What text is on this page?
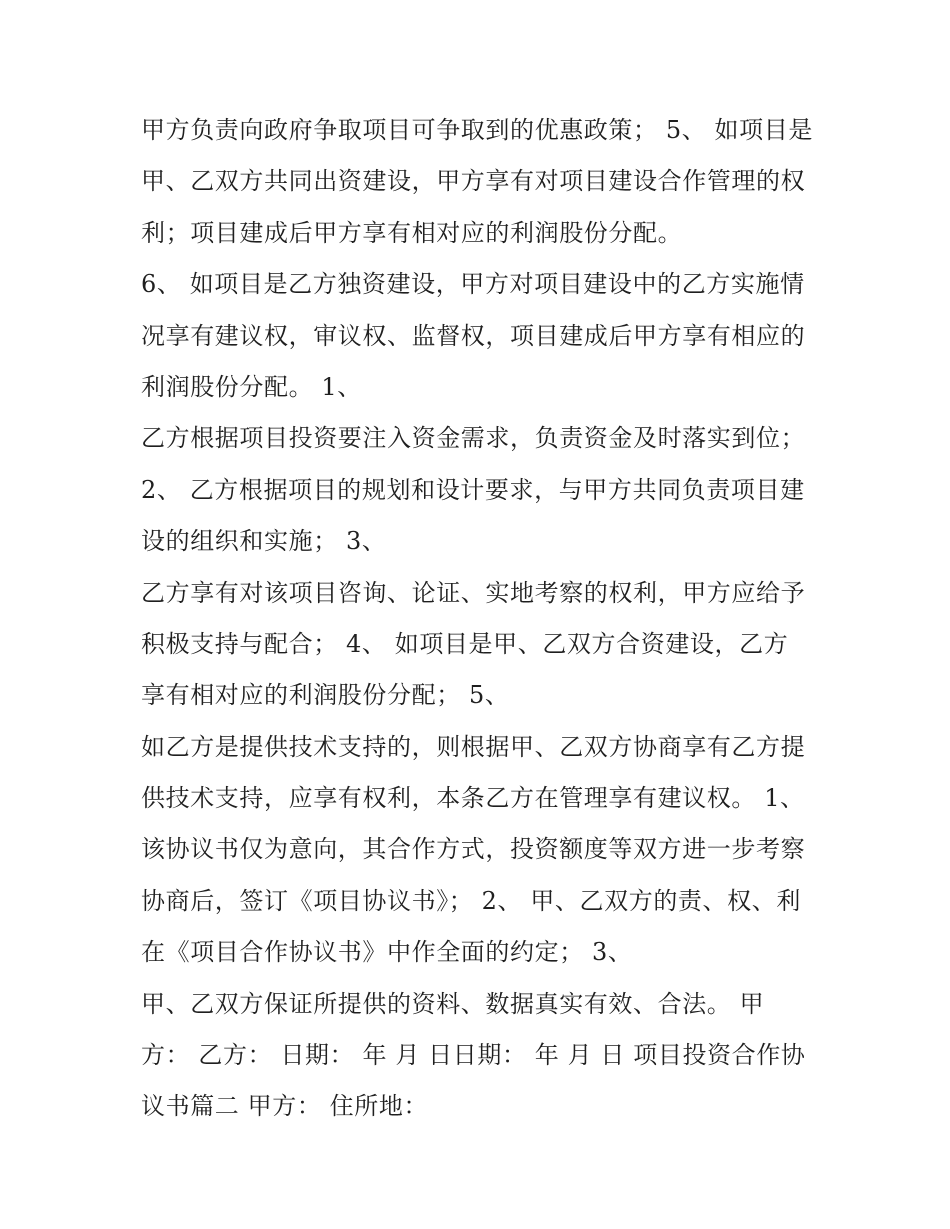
甲方负责向政府争取项目可争取到的优惠政策； 5、 如项目是
甲、乙双方共同出资建设，甲方享有对项目建设合作管理的权
利；项目建成后甲方享有相对应的利润股份分配。
6、 如项目是乙方独资建设，甲方对项目建设中的乙方实施情
况享有建议权，审议权、监督权，项目建成后甲方享有相应的
利润股份分配。 1、
乙方根据项目投资要注入资金需求，负责资金及时落实到位；
2、 乙方根据项目的规划和设计要求，与甲方共同负责项目建
设的组织和实施； 3、
乙方享有对该项目咨询、论证、实地考察的权利，甲方应给予
积极支持与配合； 4、 如项目是甲、乙双方合资建设，乙方
享有相对应的利润股份分配； 5、
如乙方是提供技术支持的，则根据甲、乙双方协商享有乙方提
供技术支持，应享有权利，本条乙方在管理享有建议权。 1、
该协议书仅为意向，其合作方式，投资额度等双方进一步考察
协商后，签订《项目协议书》； 2、 甲、乙双方的责、权、利
在《项目合作协议书》中作全面的约定； 3、
甲、乙双方保证所提供的资料、数据真实有效、合法。 甲
方： 乙方： 日期： 年 月 日日期： 年 月 日 项目投资合作协
议书篇二 甲方： 住所地：
